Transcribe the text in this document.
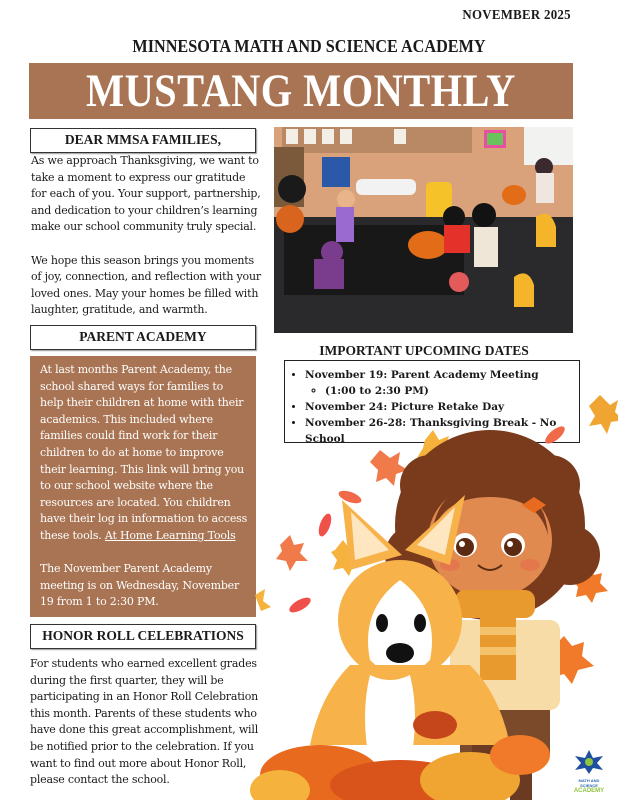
NOVEMBER 2025
MINNESOTA MATH AND SCIENCE ACADEMY
MUSTANG MONTHLY
DEAR MMSA FAMILIES,
As we approach Thanksgiving, we want to take a moment to express our gratitude for each of you. Your support, partnership, and dedication to your children’s learning make our school community truly special.
We hope this season brings you moments of joy, connection, and reflection with your loved ones. May your homes be filled with laughter, gratitude, and warmth.
PARENT ACADEMY
At last months Parent Academy, the school shared ways for families to help their children at home with their academics. This included where families could find work for their children to do at home to improve their learning. This link will bring you to our school website where the resources are located. You children have their log in information to access these tools. At Home Learning Tools
The November Parent Academy meeting is on Wednesday, November 19 from 1 to 2:30 PM.
HONOR ROLL CELEBRATIONS
For students who earned excellent grades during the first quarter, they will be participating in an Honor Roll Celebration this month. Parents of these students who have done this great accomplishment, will be notified prior to the celebration. If you want to find out more about Honor Roll, please contact the school.
IMPORTANT UPCOMING DATES
• November 19: Parent Academy Meeting
◦ (1:00 to 2:30 PM)
• November 24: Picture Retake Day
• November 26-28: Thanksgiving Break - No School
MATH AND SCIENCE
ACADEMY
